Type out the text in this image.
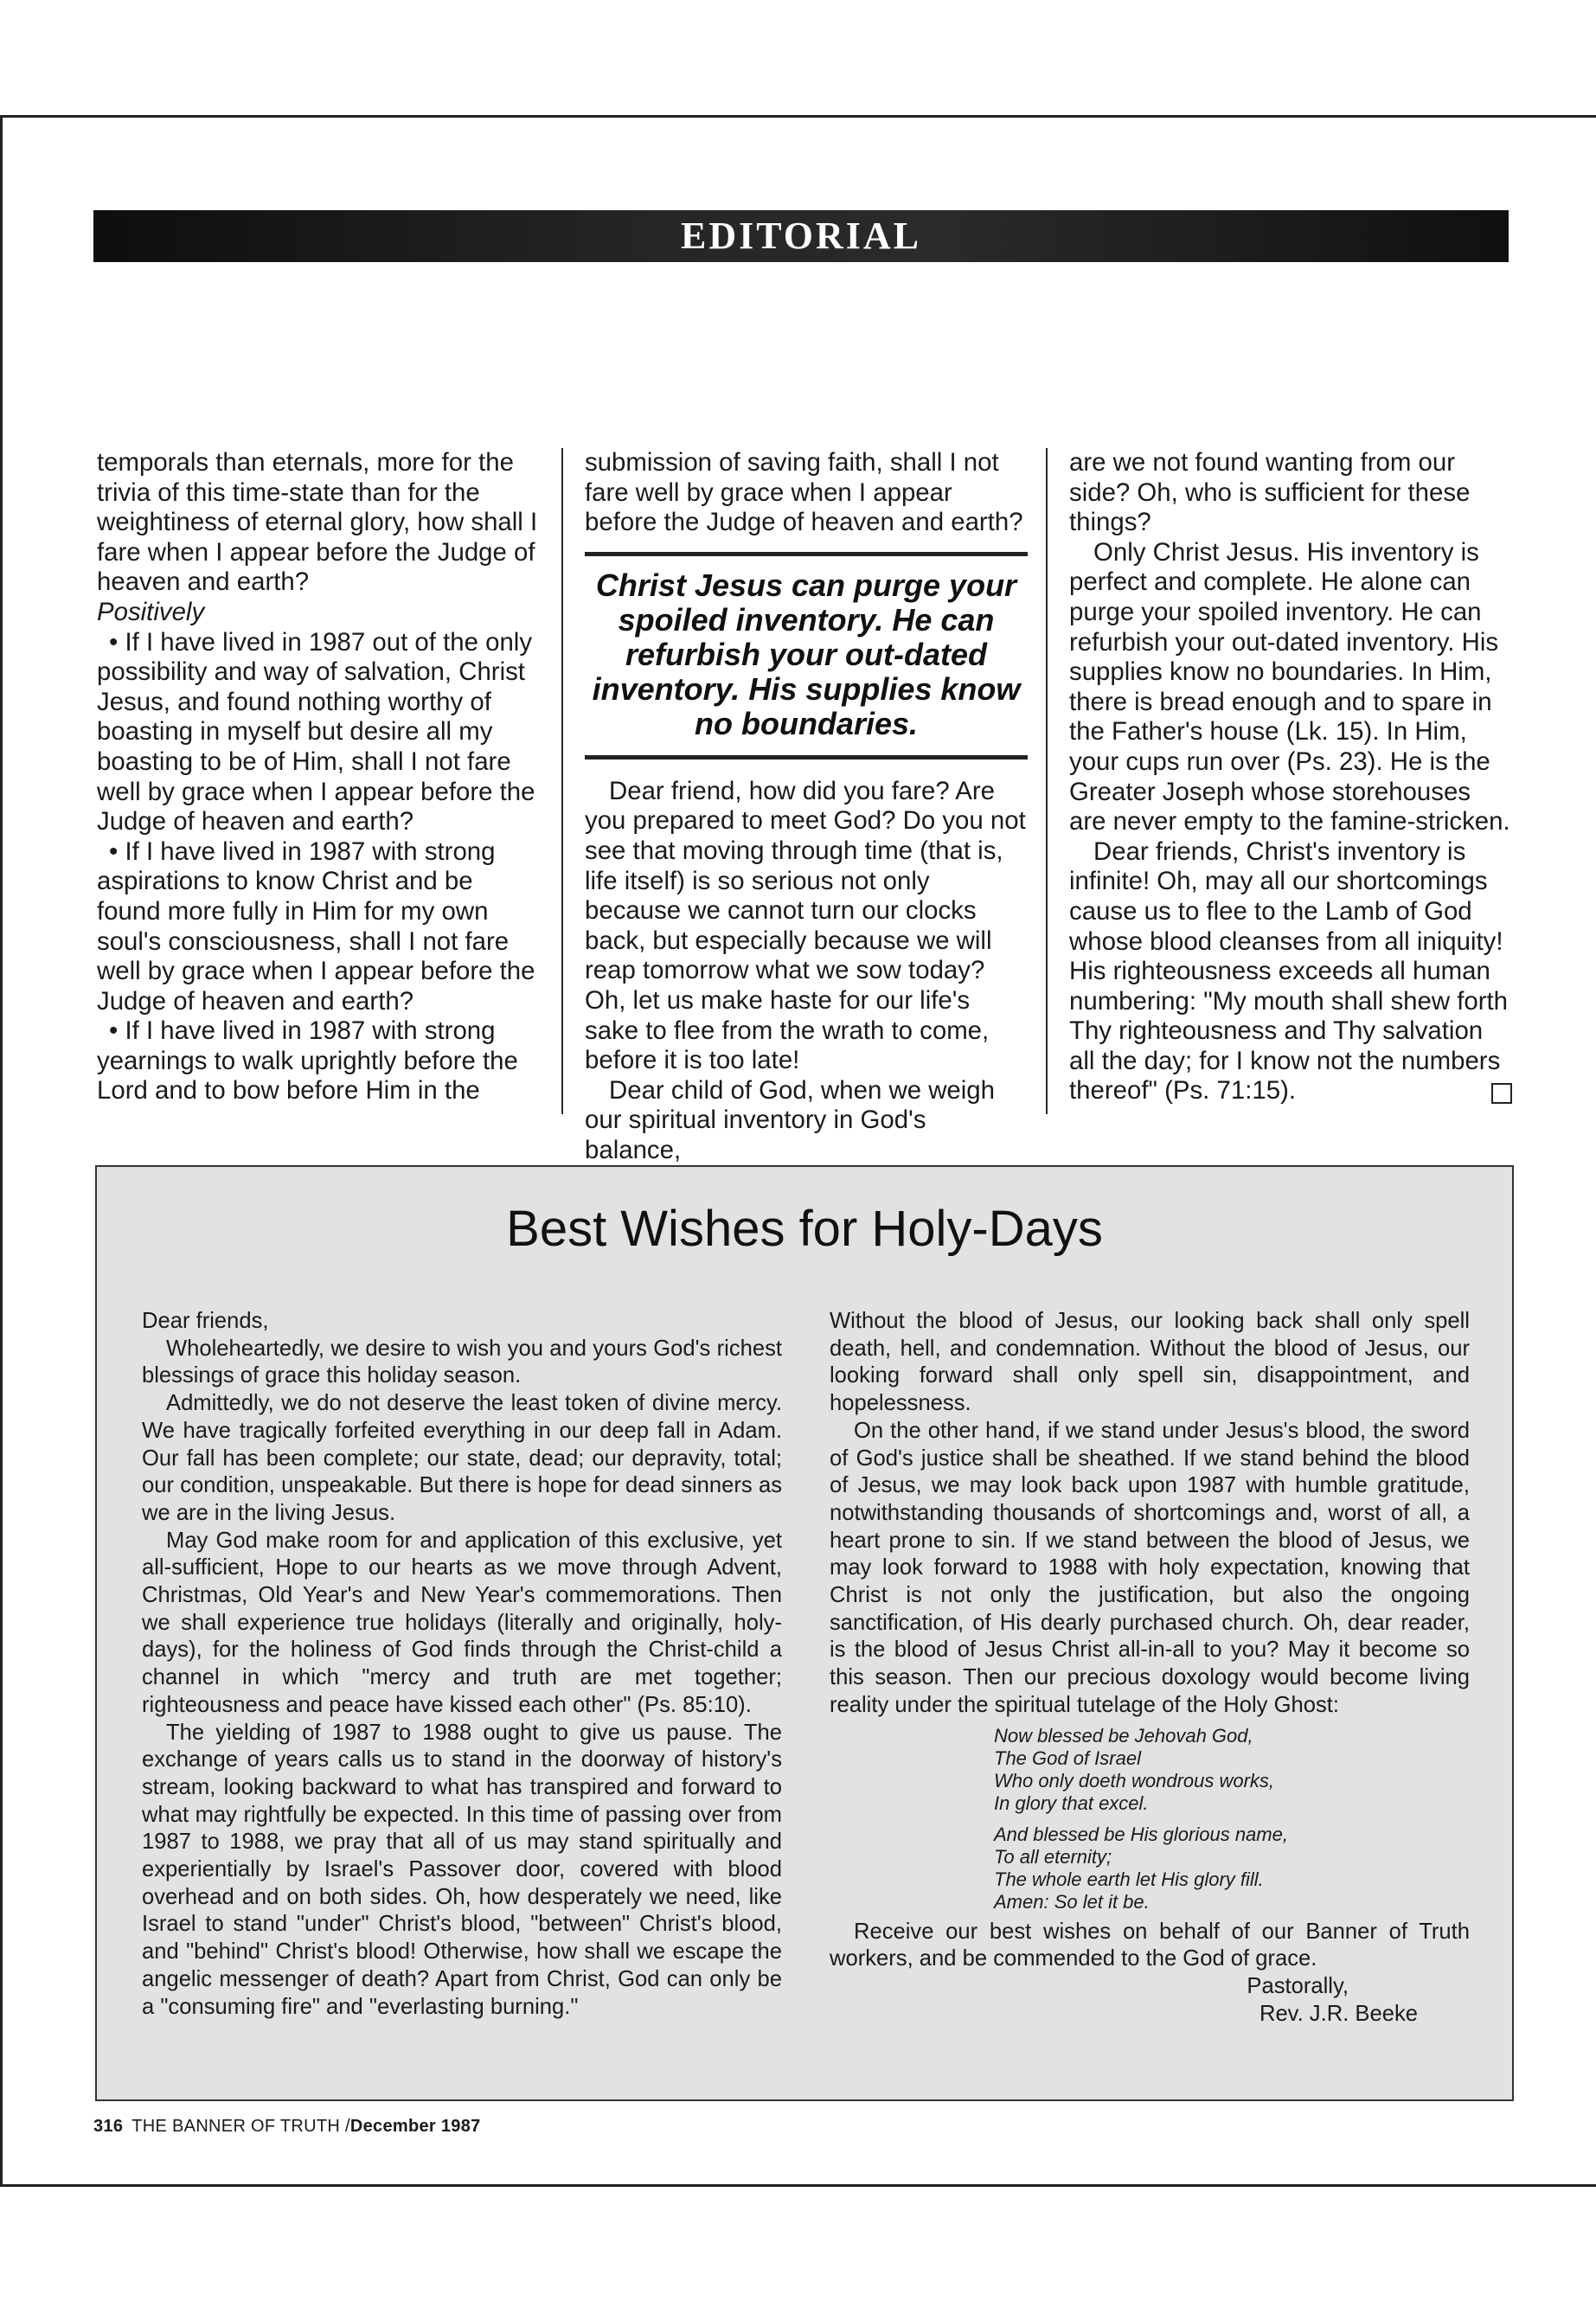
EDITORIAL

temporals than eternals, more for the trivia of this time-state than for the weightiness of eternal glory, how shall I fare when I appear before the Judge of heaven and earth?

Positively

• If I have lived in 1987 out of the only possibility and way of salvation, Christ Jesus, and found nothing worthy of boasting in myself but desire all my boasting to be of Him, shall I not fare well by grace when I appear before the Judge of heaven and earth?

• If I have lived in 1987 with strong aspirations to know Christ and be found more fully in Him for my own soul's consciousness, shall I not fare well by grace when I appear before the Judge of heaven and earth?

• If I have lived in 1987 with strong yearnings to walk uprightly before the Lord and to bow before Him in the

submission of saving faith, shall I not fare well by grace when I appear before the Judge of heaven and earth?

Christ Jesus can purge your spoiled inventory. He can refurbish your out-dated inventory. His supplies know no boundaries.

Dear friend, how did you fare? Are you prepared to meet God? Do you not see that moving through time (that is, life itself) is so serious not only because we cannot turn our clocks back, but especially because we will reap tomorrow what we sow today? Oh, let us make haste for our life's sake to flee from the wrath to come, before it is too late!

Dear child of God, when we weigh our spiritual inventory in God's balance,

are we not found wanting from our side? Oh, who is sufficient for these things?

Only Christ Jesus. His inventory is perfect and complete. He alone can purge your spoiled inventory. He can refurbish your out-dated inventory. His supplies know no boundaries. In Him, there is bread enough and to spare in the Father's house (Lk. 15). In Him, your cups run over (Ps. 23). He is the Greater Joseph whose storehouses are never empty to the famine-stricken.

Dear friends, Christ's inventory is infinite! Oh, may all our shortcomings cause us to flee to the Lamb of God whose blood cleanses from all iniquity! His righteousness exceeds all human numbering: "My mouth shall shew forth Thy righteousness and Thy salvation all the day; for I know not the numbers thereof" (Ps. 71:15).

Best Wishes for Holy-Days

Dear friends,

Wholeheartedly, we desire to wish you and yours God's richest blessings of grace this holiday season.

Admittedly, we do not deserve the least token of divine mercy. We have tragically forfeited everything in our deep fall in Adam. Our fall has been complete; our state, dead; our depravity, total; our condition, unspeakable. But there is hope for dead sinners as we are in the living Jesus.

May God make room for and application of this exclusive, yet all-sufficient, Hope to our hearts as we move through Advent, Christmas, Old Year's and New Year's commemorations. Then we shall experience true holidays (literally and originally, holy-days), for the holiness of God finds through the Christ-child a channel in which "mercy and truth are met together; righteousness and peace have kissed each other" (Ps. 85:10).

The yielding of 1987 to 1988 ought to give us pause. The exchange of years calls us to stand in the doorway of history's stream, looking backward to what has transpired and forward to what may rightfully be expected. In this time of passing over from 1987 to 1988, we pray that all of us may stand spiritually and experientially by Israel's Passover door, covered with blood overhead and on both sides. Oh, how desperately we need, like Israel to stand "under" Christ's blood, "between" Christ's blood, and "behind" Christ's blood! Otherwise, how shall we escape the angelic messenger of death? Apart from Christ, God can only be a "consuming fire" and "everlasting burning."

Without the blood of Jesus, our looking back shall only spell death, hell, and condemnation. Without the blood of Jesus, our looking forward shall only spell sin, disappointment, and hopelessness.

On the other hand, if we stand under Jesus's blood, the sword of God's justice shall be sheathed. If we stand behind the blood of Jesus, we may look back upon 1987 with humble gratitude, notwithstanding thousands of shortcomings and, worst of all, a heart prone to sin. If we stand between the blood of Jesus, we may look forward to 1988 with holy expectation, knowing that Christ is not only the justification, but also the ongoing sanctification, of His dearly purchased church. Oh, dear reader, is the blood of Jesus Christ all-in-all to you? May it become so this season. Then our precious doxology would become living reality under the spiritual tutelage of the Holy Ghost:

Now blessed be Jehovah God,
The God of Israel
Who only doeth wondrous works,
In glory that excel.
And blessed be His glorious name,
To all eternity;
The whole earth let His glory fill.
Amen: So let it be.

Receive our best wishes on behalf of our Banner of Truth workers, and be commended to the God of grace.

Pastorally,

Rev. J.R. Beeke

316 THE BANNER OF TRUTH /December 1987
